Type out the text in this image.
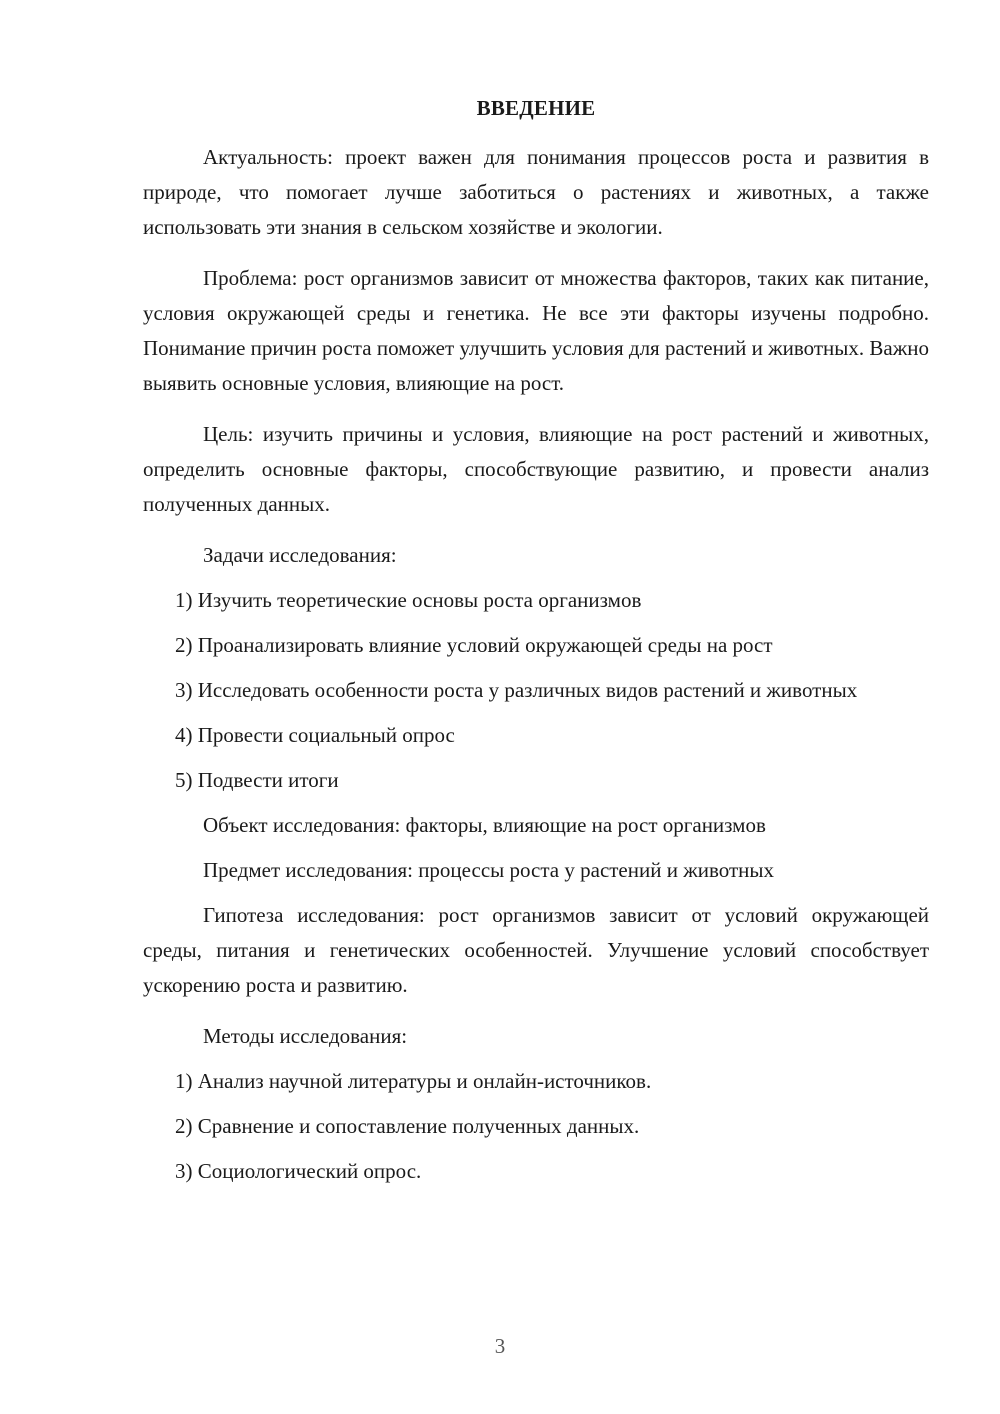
ВВЕДЕНИЕ

Актуальность: проект важен для понимания процессов роста и развития в природе, что помогает лучше заботиться о растениях и животных, а также использовать эти знания в сельском хозяйстве и экологии.

Проблема: рост организмов зависит от множества факторов, таких как питание, условия окружающей среды и генетика. Не все эти факторы изучены подробно. Понимание причин роста поможет улучшить условия для растений и животных. Важно выявить основные условия, влияющие на рост.

Цель: изучить причины и условия, влияющие на рост растений и животных, определить основные факторы, способствующие развитию, и провести анализ полученных данных.

Задачи исследования:

1) Изучить теоретические основы роста организмов

2) Проанализировать влияние условий окружающей среды на рост

3) Исследовать особенности роста у различных видов растений и животных

4) Провести социальный опрос

5) Подвести итоги

Объект исследования: факторы, влияющие на рост организмов

Предмет исследования: процессы роста у растений и животных

Гипотеза исследования: рост организмов зависит от условий окружающей среды, питания и генетических особенностей. Улучшение условий способствует ускорению роста и развитию.

Методы исследования:

1) Анализ научной литературы и онлайн-источников.

2) Сравнение и сопоставление полученных данных.

3) Социологический опрос.

3
